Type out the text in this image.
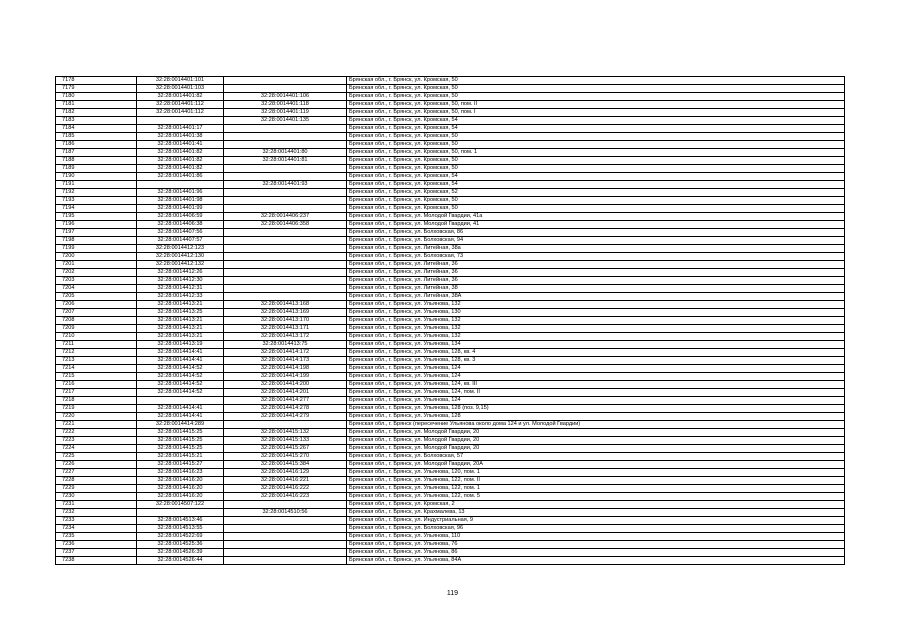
7178	32:28:0014401:101		Брянская обл., г. Брянск, ул. Кромская, 50
7179	32:28:0014401:103		Брянская обл., г. Брянск, ул. Кромская, 50
7180	32:28:0014401:82	32:28:0014401:106	Брянская обл., г. Брянск, ул. Кромская, 50
7181	32:28:0014401:112	32:28:0014401:118	Брянская обл., г. Брянск, ул. Кромская, 50, пом. II
7182	32:28:0014401:112	32:28:0014401:119	Брянская обл., г. Брянск, ул. Кромская, 50, пом. I
7183		32:28:0014401:135	Брянская обл., г. Брянск, ул. Кромская, 54
7184	32:28:0014401:17		Брянская обл., г. Брянск, ул. Кромская, 54
7185	32:28:0014401:38		Брянская обл., г. Брянск, ул. Кромская, 50
7186	32:28:0014401:41		Брянская обл., г. Брянск, ул. Кромская, 50
7187	32:28:0014401:82	32:28:0014401:80	Брянская обл., г. Брянск, ул. Кромская, 50, пом. 1
7188	32:28:0014401:82	32:28:0014401:81	Брянская обл., г. Брянск, ул. Кромская, 50
7189	32:28:0014401:82		Брянская обл., г. Брянск, ул. Кромская, 50
7190	32:28:0014401:86		Брянская обл., г. Брянск, ул. Кромская, 54
7191		32:28:0014401:93	Брянская обл., г. Брянск, ул. Кромская, 54
7192	32:28:0014401:96		Брянская обл., г. Брянск, ул. Кромская, 52
7193	32:28:0014401:98		Брянская обл., г. Брянск, ул. Кромская, 50
7194	32:28:0014401:99		Брянская обл., г. Брянск, ул. Кромская, 50
7195	32:28:0014406:59	32:28:0014406:237	Брянская обл., г. Брянск, ул. Молодой Гвардии, 41а
7196	32:28:0014406:38	32:28:0014406:358	Брянская обл., г. Брянск, ул. Молодой Гвардии, 41
7197	32:28:0014407:56		Брянская обл., г. Брянск, ул. Болховская, 86
7198	32:28:0014407:57		Брянская обл., г. Брянск, ул. Болховская, 94
7199	32:28:0014412:123		Брянская обл., г. Брянск, ул. Литейная, 38а
7200	32:28:0014412:130		Брянская обл., г. Брянск, ул. Болховская, 73
7201	32:28:0014412:132		Брянская обл., г. Брянск, ул. Литейная, 36
7202	32:28:0014412:26		Брянская обл., г. Брянск, ул. Литейная, 36
7203	32:28:0014412:30		Брянская обл., г. Брянск, ул. Литейная, 36
7204	32:28:0014412:31		Брянская обл., г. Брянск, ул. Литейная, 38
7205	32:28:0014412:33		Брянская обл., г. Брянск, ул. Литейная, 38А
7206	32:28:0014413:21	32:28:0014413:168	Брянская обл., г. Брянск, ул. Ульянова, 132
7207	32:28:0014413:25	32:28:0014413:169	Брянская обл., г. Брянск, ул. Ульянова, 130
7208	32:28:0014413:21	32:28:0014413:170	Брянская обл., г. Брянск, ул. Ульянова, 132
7209	32:28:0014413:21	32:28:0014413:171	Брянская обл., г. Брянск, ул. Ульянова, 132
7210	32:28:0014413:21	32:28:0014413:172	Брянская обл., г. Брянск, ул. Ульянова, 132
7211	32:28:0014413:19	32:28:0014413:75	Брянская обл., г. Брянск, ул. Ульянова, 134
7212	32:28:0014414:41	32:28:0014414:172	Брянская обл., г. Брянск, ул. Ульянова, 128, кв. 4
7213	32:28:0014414:41	32:28:0014414:173	Брянская обл., г. Брянск, ул. Ульянова, 128, кв. 3
7214	32:28:0014414:52	32:28:0014414:198	Брянская обл., г. Брянск, ул. Ульянова, 124
7215	32:28:0014414:52	32:28:0014414:199	Брянская обл., г. Брянск, ул. Ульянова, 124
7216	32:28:0014414:52	32:28:0014414:200	Брянская обл., г. Брянск, ул. Ульянова, 124, кв. III
7217	32:28:0014414:52	32:28:0014414:201	Брянская обл., г. Брянск, ул. Ульянова, 124, пом. II
7218		32:28:0014414:277	Брянская обл., г. Брянск, ул. Ульянова, 124
7219	32:28:0014414:41	32:28:0014414:278	Брянская обл., г. Брянск, ул. Ульянова, 128 (поз. 9,15)
7220	32:28:0014414:41	32:28:0014414:279	Брянская обл., г. Брянск, ул. Ульянова, 128
7221	32:28:0014414:289		Брянская обл., г. Брянск (пересечение Ульянова около дома 124 и ул. Молодой Гвардии)
7222	32:28:0014415:25	32:28:0014415:132	Брянская обл., г. Брянск, ул. Молодой Гвардии, 20
7223	32:28:0014415:25	32:28:0014415:133	Брянская обл., г. Брянск, ул. Молодой Гвардии, 20
7224	32:28:0014415:25	32:28:0014415:267	Брянская обл., г. Брянск, ул. Молодой Гвардии, 20
7225	32:28:0014415:21	32:28:0014415:270	Брянская обл., г. Брянск, ул. Болховская, 57
7226	32:28:0014415:27	32:28:0014415:384	Брянская обл., г. Брянск, ул. Молодой Гвардии, 20А
7227	32:28:0014416:23	32:28:0014416:129	Брянская обл., г. Брянск, ул. Ульянова, 120, пом. 1
7228	32:28:0014416:20	32:28:0014416:221	Брянская обл., г. Брянск, ул. Ульянова, 122, пом. II
7229	32:28:0014416:20	32:28:0014416:222	Брянская обл., г. Брянск, ул. Ульянова, 122, пом. 1
7230	32:28:0014416:20	32:28:0014416:223	Брянская обл., г. Брянск, ул. Ульянова, 122, пом. 5
7231	32:28:0014507:122		Брянская обл., г. Брянск, ул. Кромская, 2
7232		32:28:0014510:56	Брянская обл., г. Брянск, ул. Крахмалева, 13
7233	32:28:0014513:46		Брянская обл., г. Брянск, ул. Индустриальная, 9
7234	32:28:0014513:55		Брянская обл., г. Брянск, ул. Болховская, 96
7235	32:28:0014522:69		Брянская обл., г. Брянск, ул. Ульянова, 110
7236	32:28:0014525:36		Брянская обл., г. Брянск, ул. Ульянова, 76
7237	32:28:0014526:39		Брянская обл., г. Брянск, ул. Ульянова, 86
7238	32:28:0014526:44		Брянская обл., г. Брянск, ул. Ульянова, 84А
119
